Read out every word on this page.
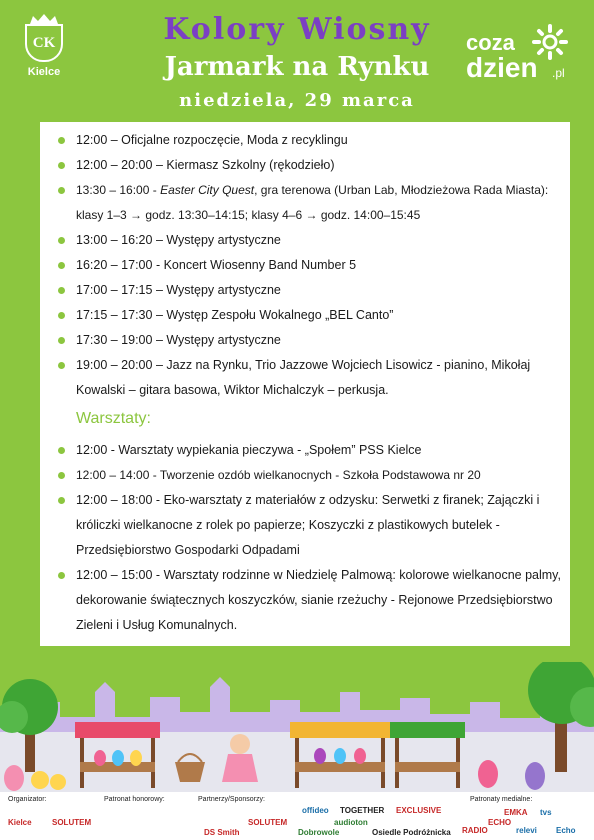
CK
Kielce
Kolory Wiosny
Jarmark na Rynku
niedziela, 29 marca
coza
dzien .pl
12:00 – Oficjalne rozpoczęcie, Moda z recyklingu
12:00 – 20:00 – Kiermasz Szkolny (rękodzieło)
13:30 – 16:00 - Easter City Quest, gra terenowa (Urban Lab, Młodzieżowa Rada Miasta): klasy 1–3 → godz. 13:30–14:15; klasy 4–6 → godz. 14:00–15:45
13:00 – 16:20 – Występy artystyczne
16:20 – 17:00 - Koncert Wiosenny Band Number 5
17:00 – 17:15 – Występy artystyczne
17:15 – 17:30 – Występ Zespołu Wokalnego „BEL Canto”
17:30 – 19:00 – Występy artystyczne
19:00 – 20:00 – Jazz na Rynku, Trio Jazzowe Wojciech Lisowicz - pianino, Mikołaj Kowalski – gitara basowa, Wiktor Michalczyk – perkusja.
Warsztaty:
12:00 - Warsztaty wypiekania pieczywa - „Społem” PSS Kielce
12:00 – 14:00 - Tworzenie ozdób wielkanocnych - Szkoła Podstawowa nr 20
12:00 – 18:00 - Eko-warsztaty z materiałów z odzysku: Serwetki z firanek; Zajączki i króliczki wielkanocne z rolek po papierze; Koszyczki z plastikowych butelek - Przedsiębiorstwo Gospodarki Odpadami
12:00 – 15:00 - Warsztaty rodzinne w Niedzielę Palmową: kolorowe wielkanocne palmy, dekorowanie świątecznych koszyczków, sianie rzeżuchy - Rejonowe Przedsiębiorstwo Zieleni i Usług Komunalnych.
Organizator:	Patronat honorowy:	Partnerzy/Sponsorzy:	Patronaty medialne:
Kielce	SOLUTEM
offideo TOGETHER EXCLUSIVE
SOLUTEM	audioton
Dobrowole
DS Smith	Osiedle Podróżnicka
EMKA tvs
RADIO	relevi Echo
ECHO
